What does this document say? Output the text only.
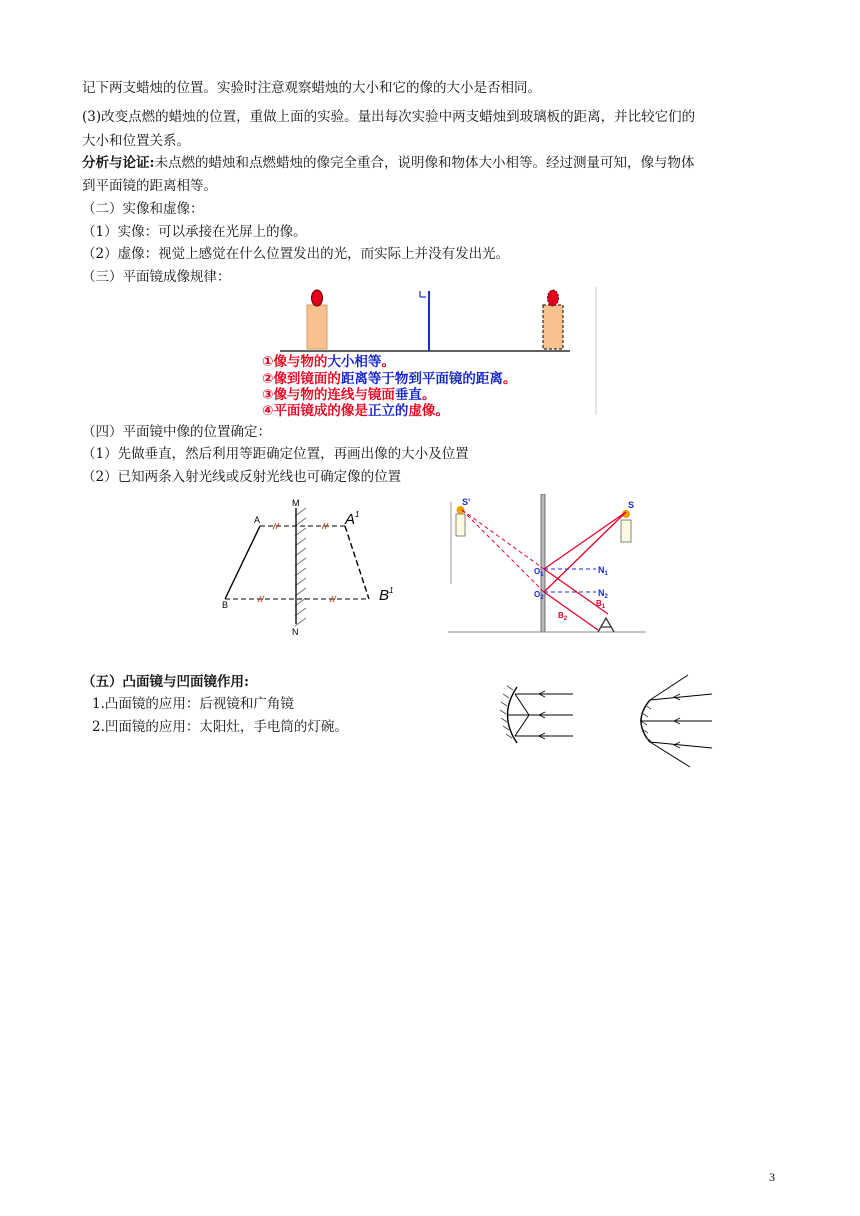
记下两支蜡烛的位置。实验时注意观察蜡烛的大小和它的像的大小是否相同。
(3)改变点燃的蜡烛的位置，重做上面的实验。量出每次实验中两支蜡烛到玻璃板的距离，并比较它们的
大小和位置关系。
分析与论证:未点燃的蜡烛和点燃蜡烛的像完全重合，说明像和物体大小相等。经过测量可知，像与物体
到平面镜的距离相等。
（二）实像和虚像：
（1）实像：可以承接在光屏上的像。
（2）虚像：视觉上感觉在什么位置发出的光，而实际上并没有发出光。
（三）平面镜成像规律：
①像与物的大小相等。
②像到镜面的距离等于物到平面镜的距离。
③像与物的连线与镜面垂直。
④平面镜成的像是正立的虚像。
（四）平面镜中像的位置确定：
（1）先做垂直，然后利用等距确定位置，再画出像的大小及位置
（2）已知两条入射光线或反射光线也可确定像的位置
M
N
A
B
$A^1$
$B^1$
S'	S
$O_1$
$O_2$
$N_1$
$N_2$
$B_1$
$B_2$
（五）凸面镜与凹面镜作用:
1.凸面镜的应用：后视镜和广角镜
2.凹面镜的应用：太阳灶，手电筒的灯碗。
3
